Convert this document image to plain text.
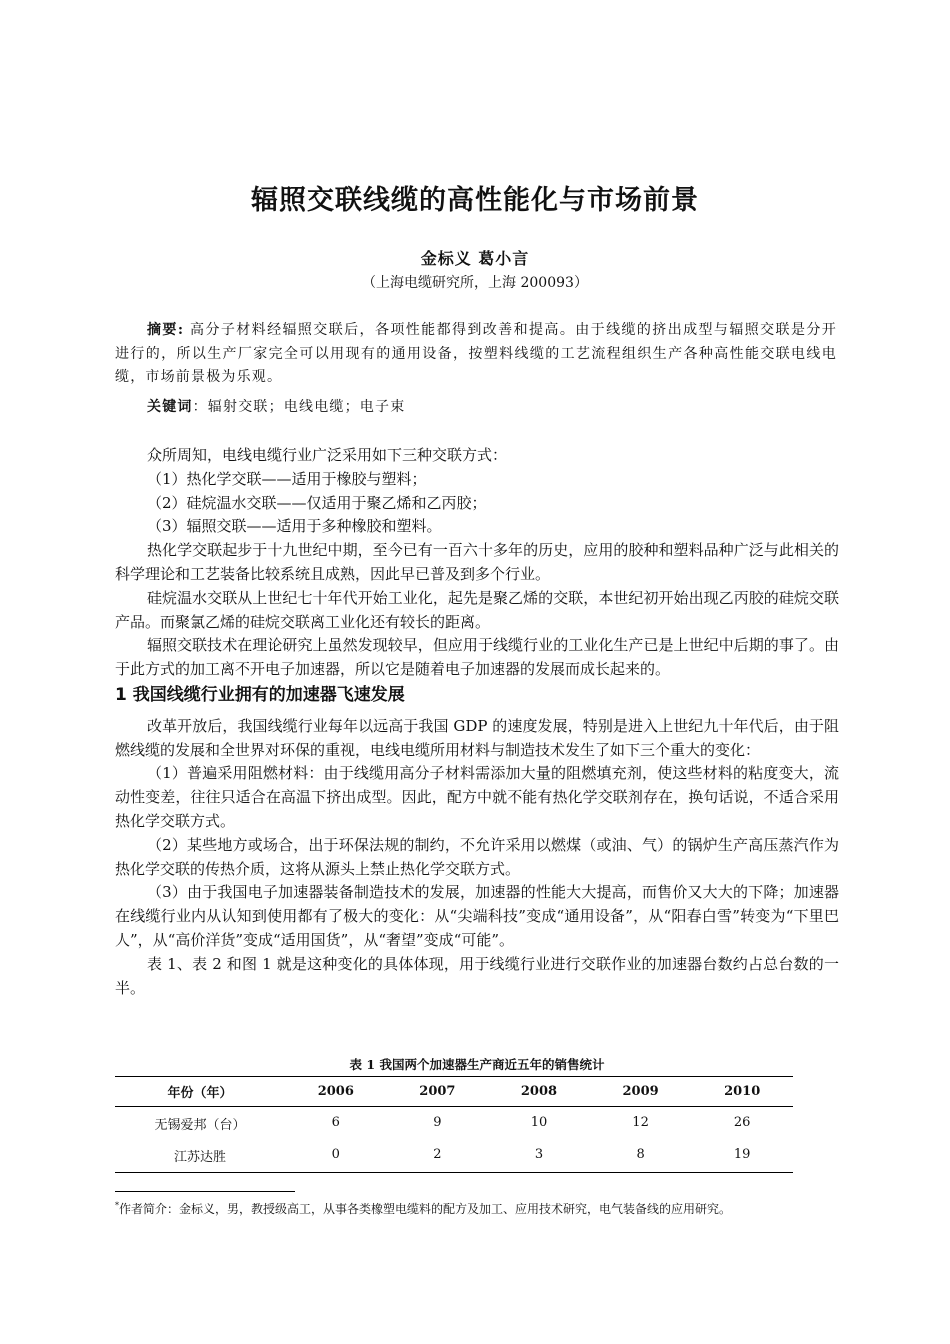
辐照交联线缆的高性能化与市场前景
金标义 葛小言
（上海电缆研究所，上海 200093）
摘要: 高分子材料经辐照交联后，各项性能都得到改善和提高。由于线缆的挤出成型与辐照交联是分开进行的，所以生产厂家完全可以用现有的通用设备，按塑料线缆的工艺流程组织生产各种高性能交联电线电缆，市场前景极为乐观。
关键词：辐射交联；电线电缆；电子束

众所周知，电线电缆行业广泛采用如下三种交联方式：

（1）热化学交联——适用于橡胶与塑料；

（2）硅烷温水交联——仅适用于聚乙烯和乙丙胶；

（3）辐照交联——适用于多种橡胶和塑料。

热化学交联起步于十九世纪中期，至今已有一百六十多年的历史，应用的胶种和塑料品种广泛与此相关的科学理论和工艺装备比较系统且成熟，因此早已普及到多个行业。

硅烷温水交联从上世纪七十年代开始工业化，起先是聚乙烯的交联，本世纪初开始出现乙丙胶的硅烷交联产品。而聚氯乙烯的硅烷交联离工业化还有较长的距离。

辐照交联技术在理论研究上虽然发现较早，但应用于线缆行业的工业化生产已是上世纪中后期的事了。由于此方式的加工离不开电子加速器，所以它是随着电子加速器的发展而成长起来的。

1 我国线缆行业拥有的加速器飞速发展

改革开放后，我国线缆行业每年以远高于我国 GDP 的速度发展，特别是进入上世纪九十年代后，由于阻燃线缆的发展和全世界对环保的重视，电线电缆所用材料与制造技术发生了如下三个重大的变化：

（1）普遍采用阻燃材料：由于线缆用高分子材料需添加大量的阻燃填充剂，使这些材料的粘度变大，流动性变差，往往只适合在高温下挤出成型。因此，配方中就不能有热化学交联剂存在，换句话说，不适合采用热化学交联方式。

（2）某些地方或场合，出于环保法规的制约，不允许采用以燃煤（或油、气）的锅炉生产高压蒸汽作为热化学交联的传热介质，这将从源头上禁止热化学交联方式。

（3）由于我国电子加速器装备制造技术的发展，加速器的性能大大提高，而售价又大大的下降；加速器在线缆行业内从认知到使用都有了极大的变化：从“尖端科技”变成“通用设备”，从“阳春白雪”转变为“下里巴人”，从“高价洋货”变成“适用国货”，从“奢望”变成“可能”。

表 1、表 2 和图 1 就是这种变化的具体体现，用于线缆行业进行交联作业的加速器台数约占总台数的一半。

表 1 我国两个加速器生产商近五年的销售统计
年份（年）	2006	2007	2008	2009	2010
无锡爱邦（台）	6	9	10	12	26
江苏达胜	0	2	3	8	19
*作者简介：金标义，男，教授级高工，从事各类橡塑电缆料的配方及加工、应用技术研究，电气装备线的应用研究。
